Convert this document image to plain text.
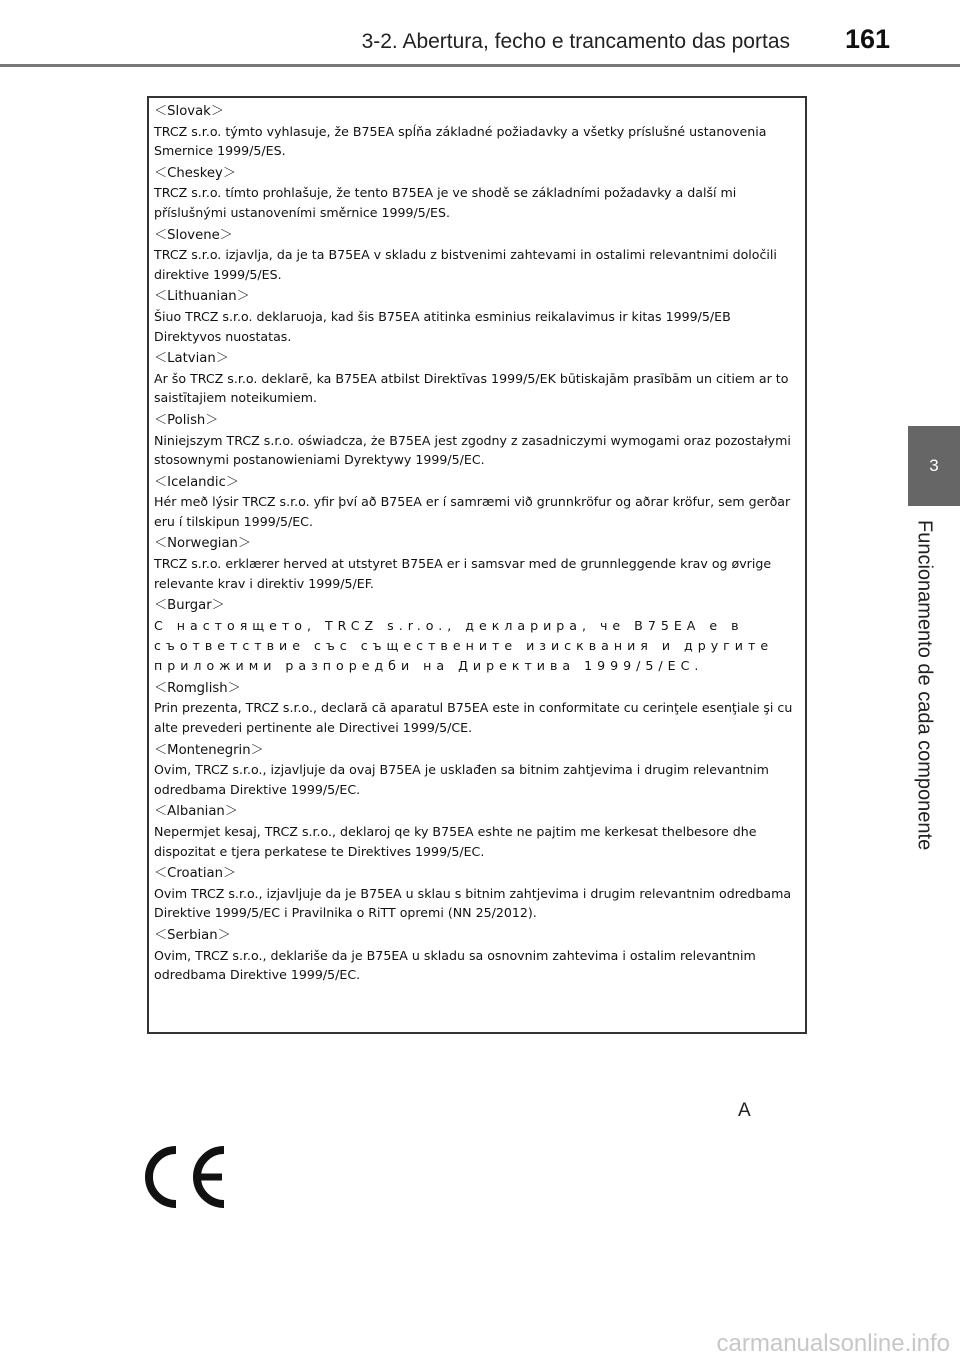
3-2. Abertura, fecho e trancamento das portas 161
3
Funcionamento de cada componente
＜Slovak＞
TRCZ s.r.o. týmto vyhlasuje, že B75EA spĺňa základné požiadavky a všetky príslušné ustanovenia Smernice 1999/5/ES.
＜Cheskey＞
TRCZ s.r.o. tímto prohlašuje, že tento B75EA je ve shodě se základními požadavky a další mi příslušnými ustanoveními směrnice 1999/5/ES.
＜Slovene＞
TRCZ s.r.o. izjavlja, da je ta B75EA v skladu z bistvenimi zahtevami in ostalimi relevantnimi določili direktive 1999/5/ES.
＜Lithuanian＞
Šiuo TRCZ s.r.o. deklaruoja, kad šis B75EA atitinka esminius reikalavimus ir kitas 1999/5/EB Direktyvos nuostatas.
＜Latvian＞
Ar šo TRCZ s.r.o. deklarē, ka B75EA atbilst Direktīvas 1999/5/EK būtiskajām prasībām un citiem ar to saistītajiem noteikumiem.
＜Polish＞
Niniejszym TRCZ s.r.o. oświadcza, że B75EA jest zgodny z zasadniczymi wymogami oraz pozostałymi stosownymi postanowieniami Dyrektywy 1999/5/EC.
＜Icelandic＞
Hér með lýsir TRCZ s.r.o. yfir því að B75EA er í samræmi við grunnkröfur og aðrar kröfur, sem gerðar eru í tilskipun 1999/5/EC.
＜Norwegian＞
TRCZ s.r.o. erklærer herved at utstyret B75EA er i samsvar med de grunnleggende krav og øvrige relevante krav i direktiv 1999/5/EF.
＜Burgar＞
С настоящето, TRCZ s.r.o., декларира, че B75EA е в съответствие със съществените изисквания и другите приложими разпоредби на Директива 1999/5/ЕС.
＜Romglish＞
Prin prezenta, TRCZ s.r.o., declară că aparatul B75EA este in conformitate cu cerinţele esenţiale şi cu alte prevederi pertinente ale Directivei 1999/5/CE.
＜Montenegrin＞
Ovim, TRCZ s.r.o., izjavljuje da ovaj B75EA je usklađen sa bitnim zahtjevima i drugim relevantnim odredbama Direktive 1999/5/EC.
＜Albanian＞
Nepermjet kesaj, TRCZ s.r.o., deklaroj qe ky B75EA eshte ne pajtim me kerkesat thelbesore dhe dispozitat e tjera perkatese te Direktives 1999/5/EC.
＜Croatian＞
Ovim TRCZ s.r.o., izjavljuje da je B75EA u sklau s bitnim zahtjevima i drugim relevantnim odredbama Direktive 1999/5/EC i Pravilnika o RiTT opremi (NN 25/2012).
＜Serbian＞
Ovim, TRCZ s.r.o., deklariše da je B75EA u skladu sa osnovnim zahtevima i ostalim relevantnim odredbama Direktive 1999/5/EC.
A
carmanualsonline.info
